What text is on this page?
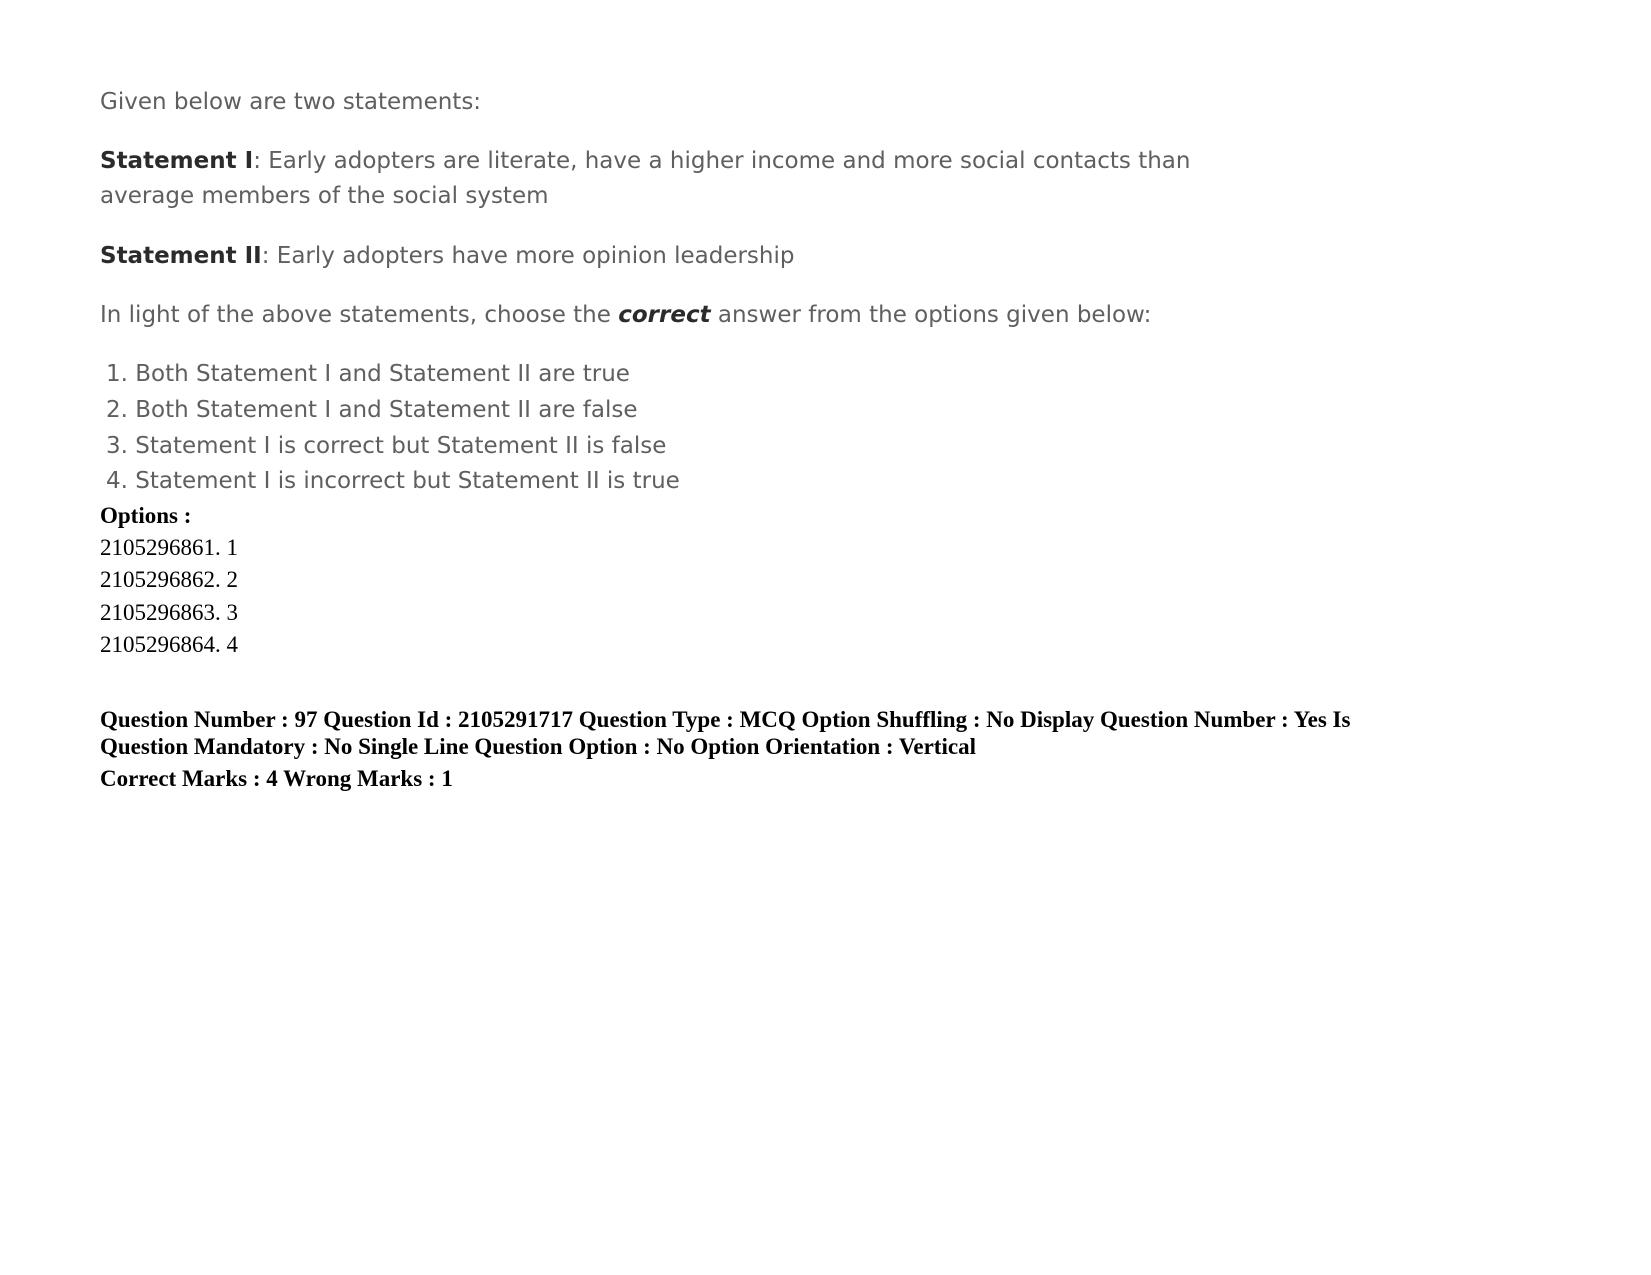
Given below are two statements:
Statement I: Early adopters are literate, have a higher income and more social contacts than
average members of the social system
Statement II: Early adopters have more opinion leadership
In light of the above statements, choose the correct answer from the options given below:
1. Both Statement I and Statement II are true
2. Both Statement I and Statement II are false
3. Statement I is correct but Statement II is false
4. Statement I is incorrect but Statement II is true
Options :
2105296861. 1
2105296862. 2
2105296863. 3
2105296864. 4
Question Number : 97 Question Id : 2105291717 Question Type : MCQ Option Shuffling : No Display Question Number : Yes Is Question Mandatory : No Single Line Question Option : No Option Orientation : Vertical
Correct Marks : 4 Wrong Marks : 1
